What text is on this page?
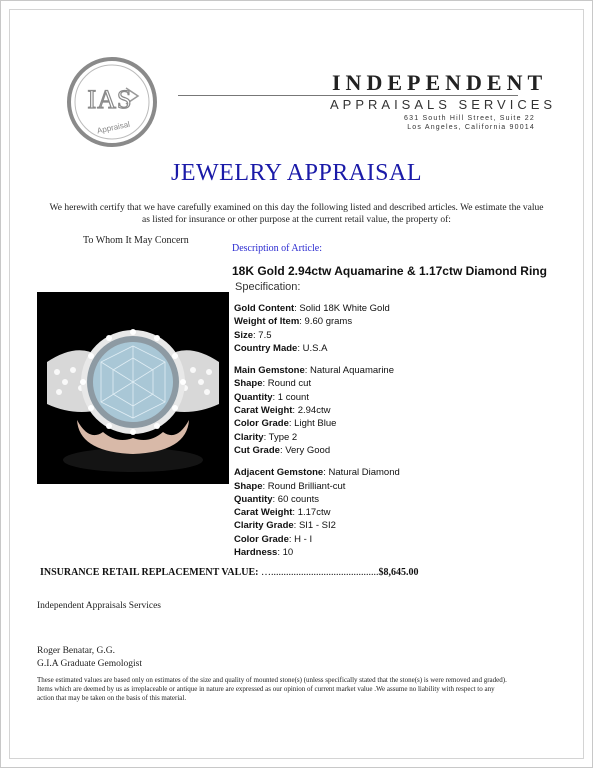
IAS
Appraisal
INDEPENDENT
APPRAISALS SERVICES
631 South Hill Street, Suite 22
Los Angeles, California 90014
JEWELRY APPRAISAL
We herewith certify that we have carefully examined on this day the following listed and described articles. We estimate the value as listed for insurance or other purpose at the current retail value, the property of:
To Whom It May Concern
Description of Article:
18K Gold 2.94ctw Aquamarine & 1.17ctw Diamond Ring
Specification:
Gold Content: Solid 18K White Gold
Weight of Item: 9.60 grams
Size: 7.5
Country Made: U.S.A
Main Gemstone: Natural Aquamarine
Shape: Round cut
Quantity: 1 count
Carat Weight: 2.94ctw
Color Grade: Light Blue
Clarity: Type 2
Cut Grade: Very Good
Adjacent Gemstone: Natural Diamond
Shape: Round Brilliant-cut
Quantity: 60 counts
Carat Weight: 1.17ctw
Clarity Grade: SI1 - SI2
Color Grade: H - I
Hardness: 10
INSURANCE RETAIL REPLACEMENT VALUE: …...........................................$8,645.00
Independent Appraisals Services
Roger Benatar, G.G.
G.I.A Graduate Gemologist
These estimated values are based only on estimates of the size and quality of mounted stone(s) (unless specifically stated that the stone(s) is were removed and graded). Items which are deemed by us as irreplaceable or antique in nature are expressed as our opinion of current market value .We assume no liability with respect to any action that may be taken on the basis of this material.
